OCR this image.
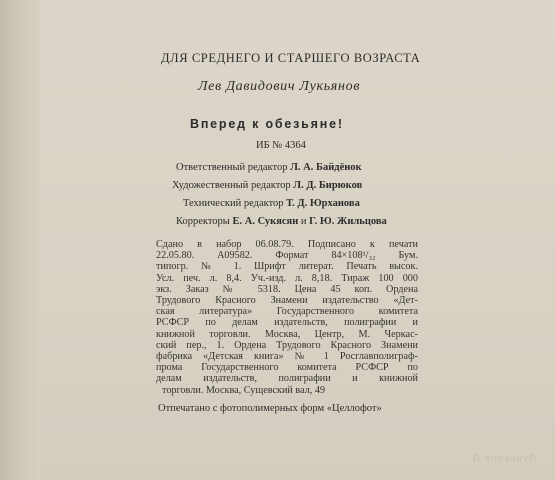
ДЛЯ СРЕДНЕГО И СТАРШЕГО ВОЗРАСТА
Лев Давидович Лукьянов
Вперед к обезьяне!
ИБ № 4364
Ответственный редактор Л. А. Байдёнок
Художественный редактор Л. Д. Бирюков
Технический редактор Т. Д. Юрханова
Корректоры Е. А. Сукясян и Г. Ю. Жильцова
Сдано в набор 06.08.79. Подписано к печати
22.05.80. А09582. Формат 84×108¹/₃₂ Бум.
типогр. № 1. Шрифт литерат. Печать высок.
Усл. печ. л. 8,4. Уч.-изд. л. 8,18. Тираж 100 000
экз. Заказ № 5318. Цена 45 коп. Ордена
Трудового Красного Знамени издательство «Дет-
ская литература» Государственного комитета
РСФСР по делам издательств, полиграфии и
книжной торговли. Москва, Центр, М. Черкас-
ский пер., 1. Ордена Трудового Красного Знамени
фабрика «Детская книга» № 1 Росглавполиграф-
прома Государственного комитета РСФСР по
делам издательств, полиграфии и книжной
торговли. Москва, Сущевский вал, 49
Отпечатано с фотополимерных форм «Целлофот»
Лукьянов Л.
